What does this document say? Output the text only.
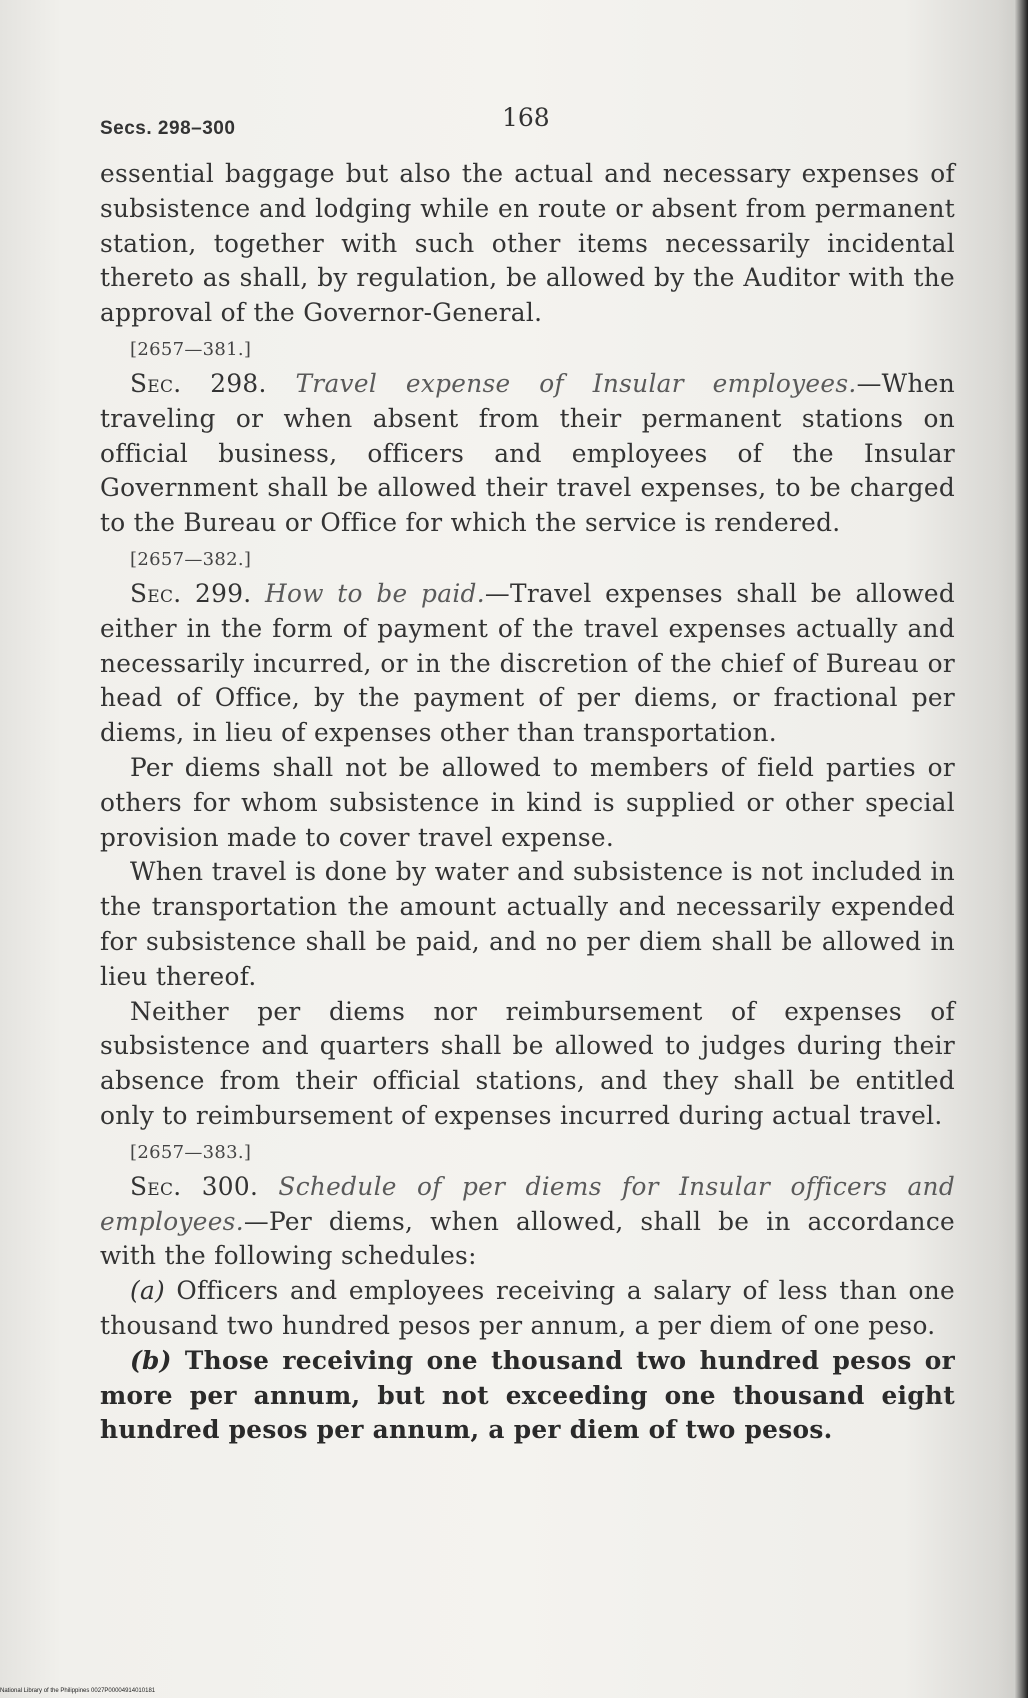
Secs. 298–300	168

essential baggage but also the actual and necessary expenses of subsistence and lodging while en route or absent from permanent station, together with such other items necessarily incidental thereto as shall, by regulation, be allowed by the Auditor with the approval of the Governor-General.

[2657—381.]

Sec. 298. Travel expense of Insular employees.—When traveling or when absent from their permanent stations on official business, officers and employees of the Insular Government shall be allowed their travel expenses, to be charged to the Bureau or Office for which the service is rendered.

[2657—382.]

Sec. 299. How to be paid.—Travel expenses shall be allowed either in the form of payment of the travel expenses actually and necessarily incurred, or in the discretion of the chief of Bureau or head of Office, by the payment of per diems, or fractional per diems, in lieu of expenses other than transportation.

Per diems shall not be allowed to members of field parties or others for whom subsistence in kind is supplied or other special provision made to cover travel expense.

When travel is done by water and subsistence is not included in the transportation the amount actually and necessarily expended for subsistence shall be paid, and no per diem shall be allowed in lieu thereof.

Neither per diems nor reimbursement of expenses of subsistence and quarters shall be allowed to judges during their absence from their official stations, and they shall be entitled only to reimbursement of expenses incurred during actual travel.

[2657—383.]

Sec. 300. Schedule of per diems for Insular officers and employees.—Per diems, when allowed, shall be in accordance with the following schedules:

(a) Officers and employees receiving a salary of less than one thousand two hundred pesos per annum, a per diem of one peso.

(b) Those receiving one thousand two hundred pesos or more per annum, but not exceeding one thousand eight hundred pesos per annum, a per diem of two pesos.

National Library of the Philippines 0027P00004914010181
